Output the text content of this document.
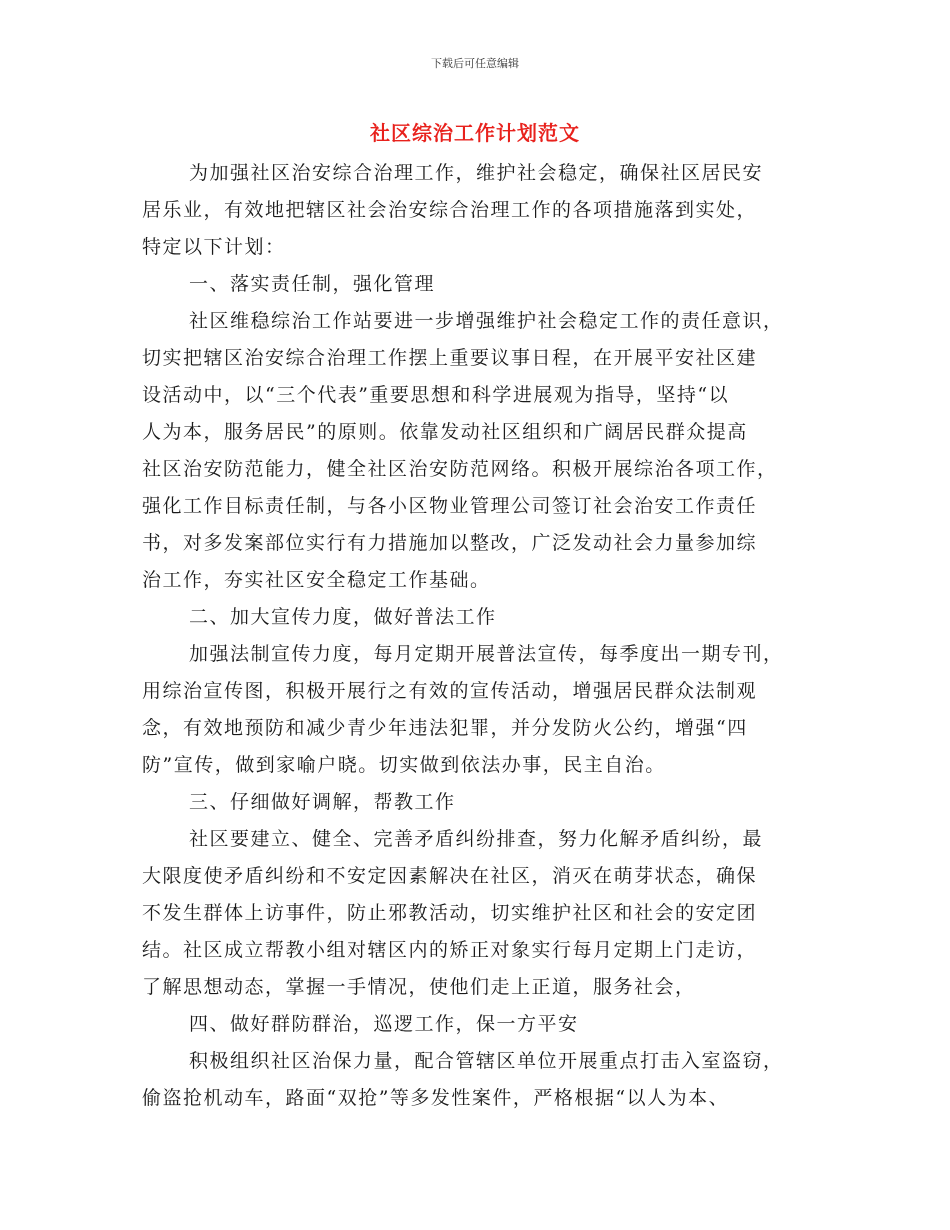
下载后可任意编辑
社区综治工作计划范文
为加强社区治安综合治理工作，维护社会稳定，确保社区居民安
居乐业，有效地把辖区社会治安综合治理工作的各项措施落到实处，
特定以下计划：
一、落实责任制，强化管理
社区维稳综治工作站要进一步增强维护社会稳定工作的责任意识，
切实把辖区治安综合治理工作摆上重要议事日程，在开展平安社区建
设活动中，以“三个代表”重要思想和科学进展观为指导，坚持“以
人为本，服务居民”的原则。依靠发动社区组织和广阔居民群众提高
社区治安防范能力，健全社区治安防范网络。积极开展综治各项工作，
强化工作目标责任制，与各小区物业管理公司签订社会治安工作责任
书，对多发案部位实行有力措施加以整改，广泛发动社会力量参加综
治工作，夯实社区安全稳定工作基础。
二、加大宣传力度，做好普法工作
加强法制宣传力度，每月定期开展普法宣传，每季度出一期专刊，
用综治宣传图，积极开展行之有效的宣传活动，增强居民群众法制观
念，有效地预防和减少青少年违法犯罪，并分发防火公约，增强“四
防”宣传，做到家喻户晓。切实做到依法办事，民主自治。
三、仔细做好调解，帮教工作
社区要建立、健全、完善矛盾纠纷排查，努力化解矛盾纠纷，最
大限度使矛盾纠纷和不安定因素解决在社区，消灭在萌芽状态，确保
不发生群体上访事件，防止邪教活动，切实维护社区和社会的安定团
结。社区成立帮教小组对辖区内的矫正对象实行每月定期上门走访，
了解思想动态，掌握一手情况，使他们走上正道，服务社会，
四、做好群防群治，巡逻工作，保一方平安
积极组织社区治保力量，配合管辖区单位开展重点打击入室盗窃，
偷盗抢机动车，路面“双抢”等多发性案件，严格根据“以人为本、
